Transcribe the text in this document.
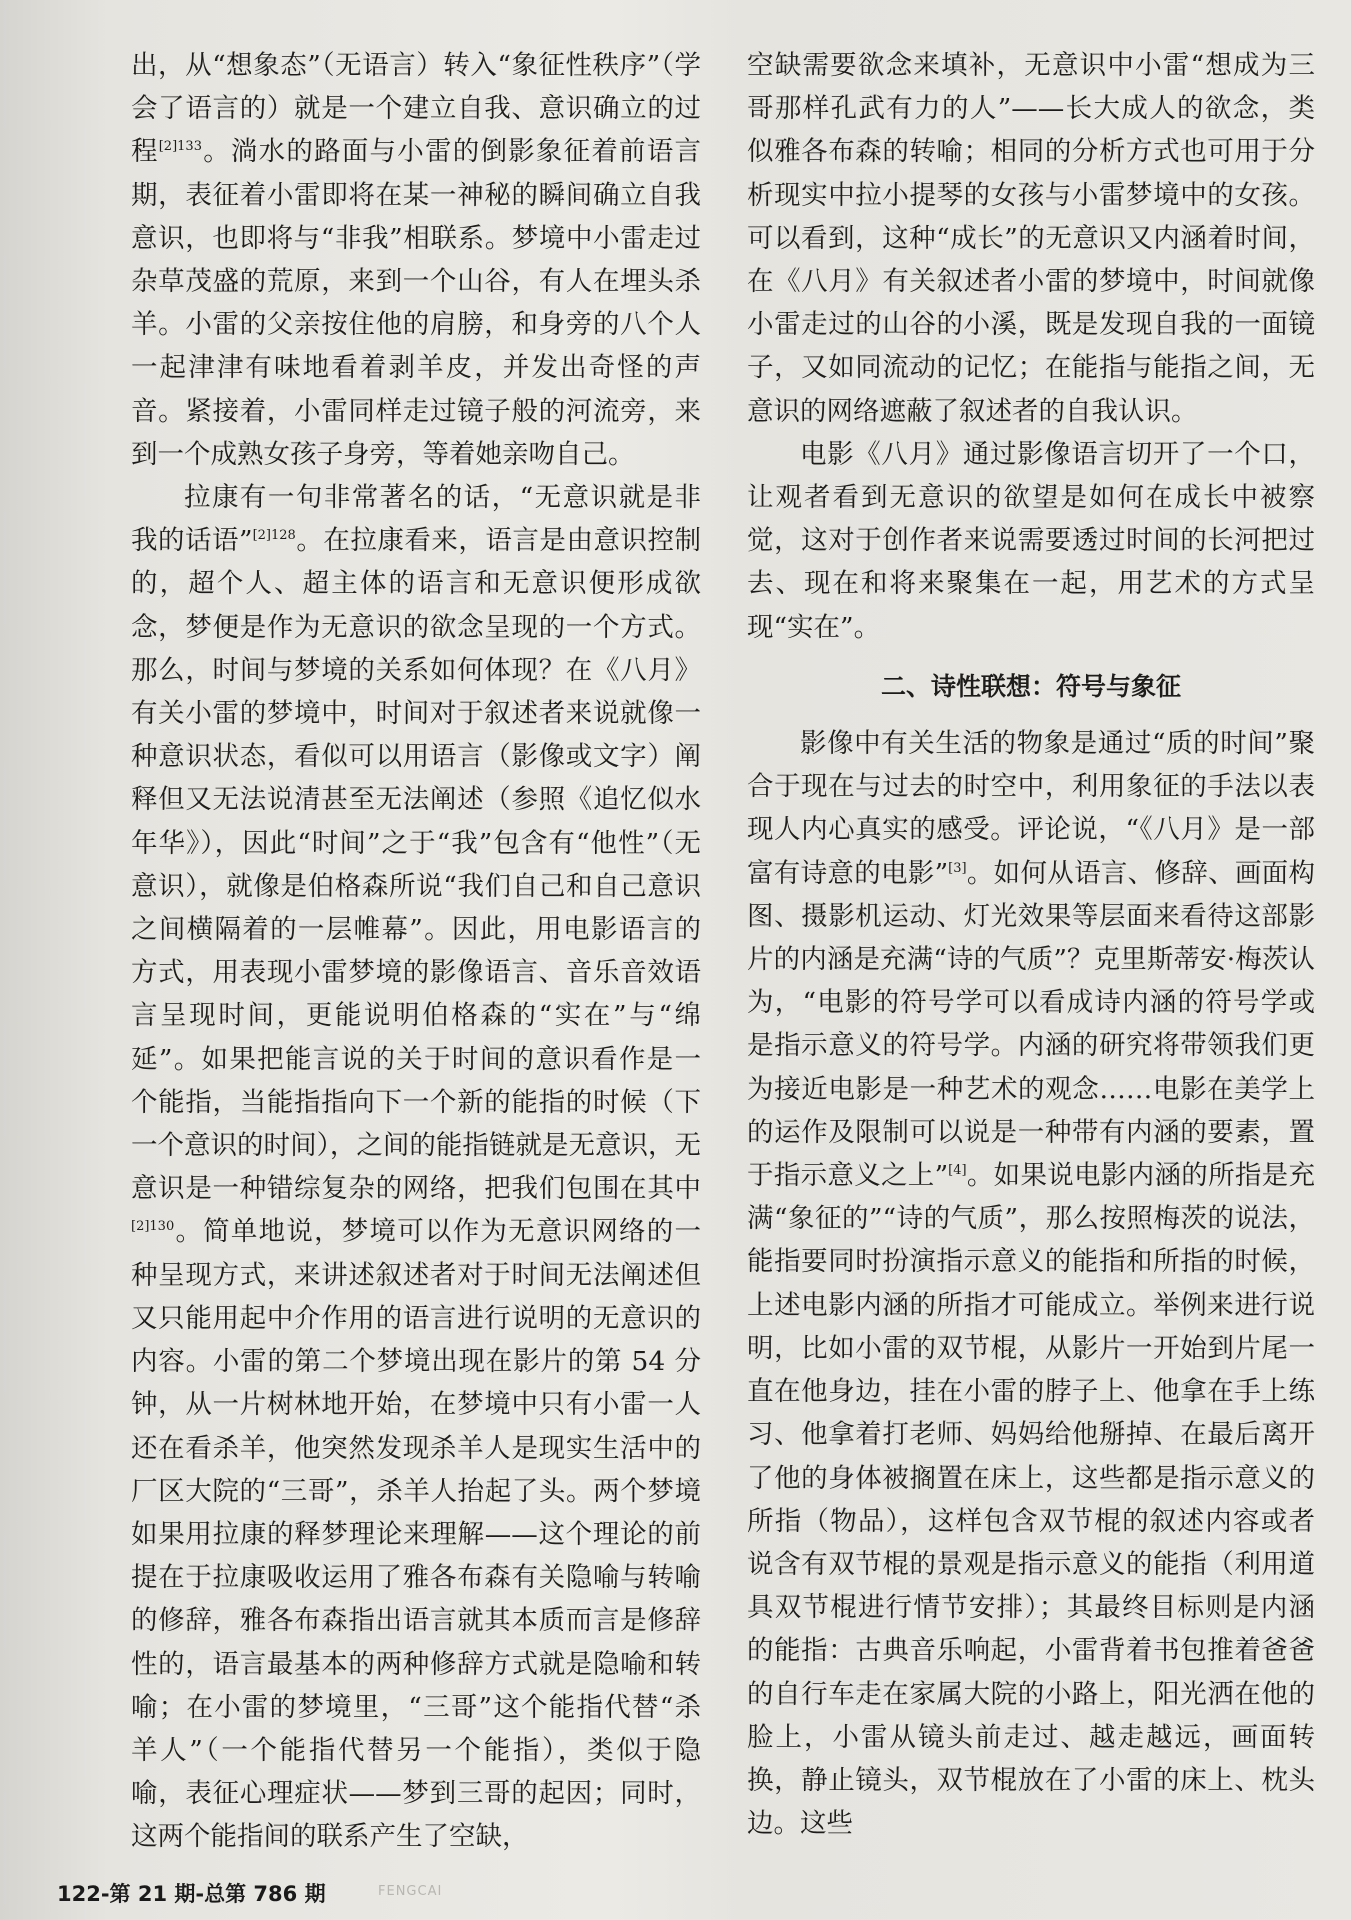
出，从“想象态”（无语言）转入“象征性秩序”（学会了语言的）就是一个建立自我、意识确立的过程$^{[2]133}$。淌水的路面与小雷的倒影象征着前语言期，表征着小雷即将在某一神秘的瞬间确立自我意识，也即将与“非我”相联系。梦境中小雷走过杂草茂盛的荒原，来到一个山谷，有人在埋头杀羊。小雷的父亲按住他的肩膀，和身旁的八个人一起津津有味地看着剥羊皮，并发出奇怪的声音。紧接着，小雷同样走过镜子般的河流旁，来到一个成熟女孩子身旁，等着她亲吻自己。

拉康有一句非常著名的话，“无意识就是非我的话语”$^{[2]128}$。在拉康看来，语言是由意识控制的，超个人、超主体的语言和无意识便形成欲念，梦便是作为无意识的欲念呈现的一个方式。那么，时间与梦境的关系如何体现？在《八月》有关小雷的梦境中，时间对于叙述者来说就像一种意识状态，看似可以用语言（影像或文字）阐释但又无法说清甚至无法阐述（参照《追忆似水年华》），因此“时间”之于“我”包含有“他性”（无意识），就像是伯格森所说“我们自己和自己意识之间横隔着的一层帷幕”。因此，用电影语言的方式，用表现小雷梦境的影像语言、音乐音效语言呈现时间，更能说明伯格森的“实在”与“绵延”。如果把能言说的关于时间的意识看作是一个能指，当能指指向下一个新的能指的时候（下一个意识的时间），之间的能指链就是无意识，无意识是一种错综复杂的网络，把我们包围在其中$^{[2]130}$。简单地说，梦境可以作为无意识网络的一种呈现方式，来讲述叙述者对于时间无法阐述但又只能用起中介作用的语言进行说明的无意识的内容。小雷的第二个梦境出现在影片的第 54 分钟，从一片树林地开始，在梦境中只有小雷一人还在看杀羊，他突然发现杀羊人是现实生活中的厂区大院的“三哥”，杀羊人抬起了头。两个梦境如果用拉康的释梦理论来理解——这个理论的前提在于拉康吸收运用了雅各布森有关隐喻与转喻的修辞，雅各布森指出语言就其本质而言是修辞性的，语言最基本的两种修辞方式就是隐喻和转喻；在小雷的梦境里，“三哥”这个能指代替“杀羊人”（一个能指代替另一个能指），类似于隐喻，表征心理症状——梦到三哥的起因；同时，这两个能指间的联系产生了空缺，

空缺需要欲念来填补，无意识中小雷“想成为三哥那样孔武有力的人”——长大成人的欲念，类似雅各布森的转喻；相同的分析方式也可用于分析现实中拉小提琴的女孩与小雷梦境中的女孩。可以看到，这种“成长”的无意识又内涵着时间，在《八月》有关叙述者小雷的梦境中，时间就像小雷走过的山谷的小溪，既是发现自我的一面镜子，又如同流动的记忆；在能指与能指之间，无意识的网络遮蔽了叙述者的自我认识。

电影《八月》通过影像语言切开了一个口，让观者看到无意识的欲望是如何在成长中被察觉，这对于创作者来说需要透过时间的长河把过去、现在和将来聚集在一起，用艺术的方式呈现“实在”。

二、诗性联想：符号与象征

影像中有关生活的物象是通过“质的时间”聚合于现在与过去的时空中，利用象征的手法以表现人内心真实的感受。评论说，“《八月》是一部富有诗意的电影”[3]。如何从语言、修辞、画面构图、摄影机运动、灯光效果等层面来看待这部影片的内涵是充满“诗的气质”？克里斯蒂安·梅茨认为，“电影的符号学可以看成诗内涵的符号学或是指示意义的符号学。内涵的研究将带领我们更为接近电影是一种艺术的观念……电影在美学上的运作及限制可以说是一种带有内涵的要素，置于指示意义之上”[4]。如果说电影内涵的所指是充满“象征的”“诗的气质”，那么按照梅茨的说法，能指要同时扮演指示意义的能指和所指的时候，上述电影内涵的所指才可能成立。举例来进行说明，比如小雷的双节棍，从影片一开始到片尾一直在他身边，挂在小雷的脖子上、他拿在手上练习、他拿着打老师、妈妈给他掰掉、在最后离开了他的身体被搁置在床上，这些都是指示意义的所指（物品），这样包含双节棍的叙述内容或者说含有双节棍的景观是指示意义的能指（利用道具双节棍进行情节安排）；其最终目标则是内涵的能指：古典音乐响起，小雷背着书包推着爸爸的自行车走在家属大院的小路上，阳光洒在他的脸上，小雷从镜头前走过、越走越远，画面转换，静止镜头，双节棍放在了小雷的床上、枕头边。这些

122-第 21 期-总第 786 期	FENGCAI
